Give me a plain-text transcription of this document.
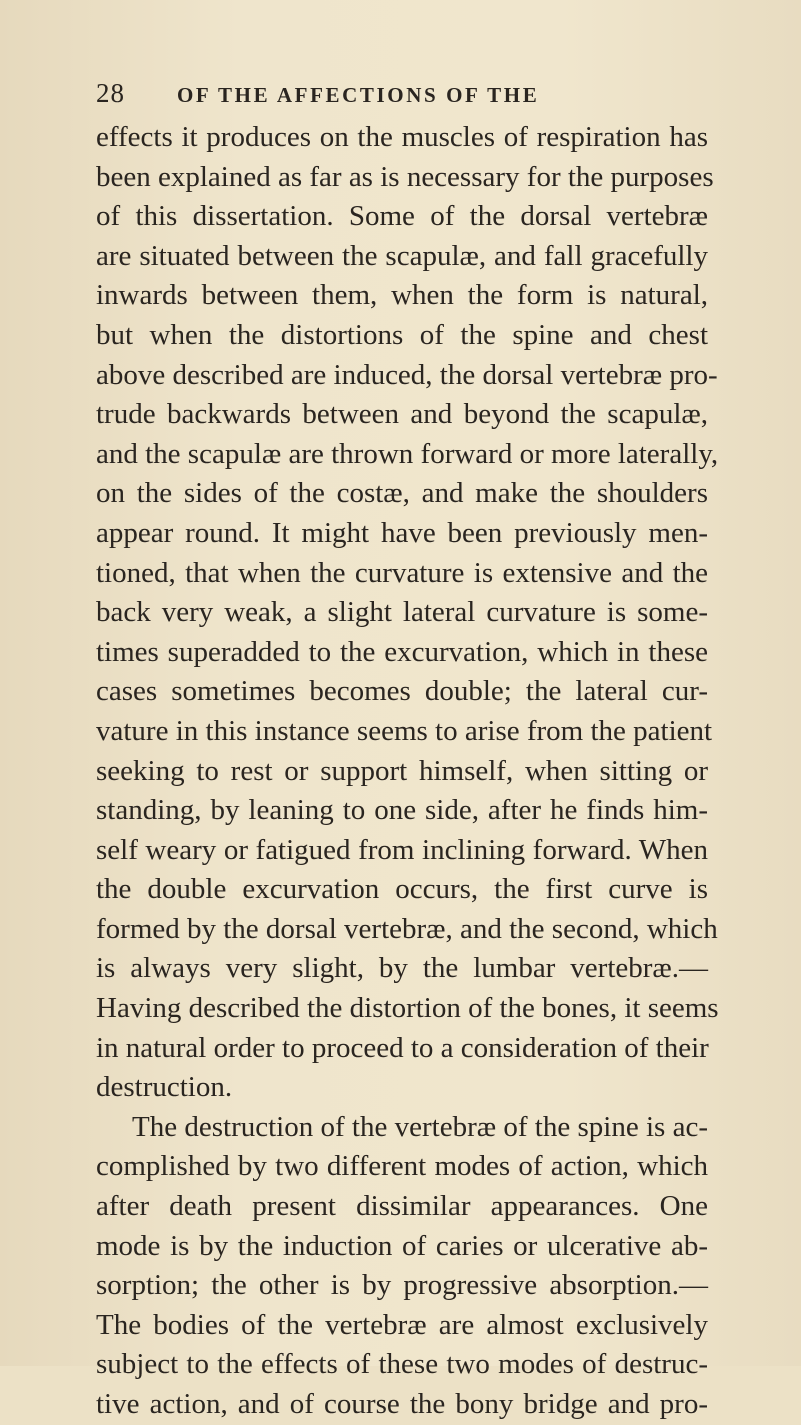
28 OF THE AFFECTIONS OF THE
effects it produces on the muscles of respiration has
been explained as far as is necessary for the purposes
of this dissertation. Some of the dorsal vertebræ
are situated between the scapulæ, and fall gracefully
inwards between them, when the form is natural,
but when the distortions of the spine and chest
above described are induced, the dorsal vertebræ pro-
trude backwards between and beyond the scapulæ,
and the scapulæ are thrown forward or more laterally,
on the sides of the costæ, and make the shoulders
appear round. It might have been previously men-
tioned, that when the curvature is extensive and the
back very weak, a slight lateral curvature is some-
times superadded to the excurvation, which in these
cases sometimes becomes double; the lateral cur-
vature in this instance seems to arise from the patient
seeking to rest or support himself, when sitting or
standing, by leaning to one side, after he finds him-
self weary or fatigued from inclining forward. When
the double excurvation occurs, the first curve is
formed by the dorsal vertebræ, and the second, which
is always very slight, by the lumbar vertebræ.—
Having described the distortion of the bones, it seems
in natural order to proceed to a consideration of their
destruction.
The destruction of the vertebræ of the spine is ac-
complished by two different modes of action, which
after death present dissimilar appearances. One
mode is by the induction of caries or ulcerative ab-
sorption; the other is by progressive absorption.—
The bodies of the vertebræ are almost exclusively
subject to the effects of these two modes of destruc-
tive action, and of course the bony bridge and pro-
